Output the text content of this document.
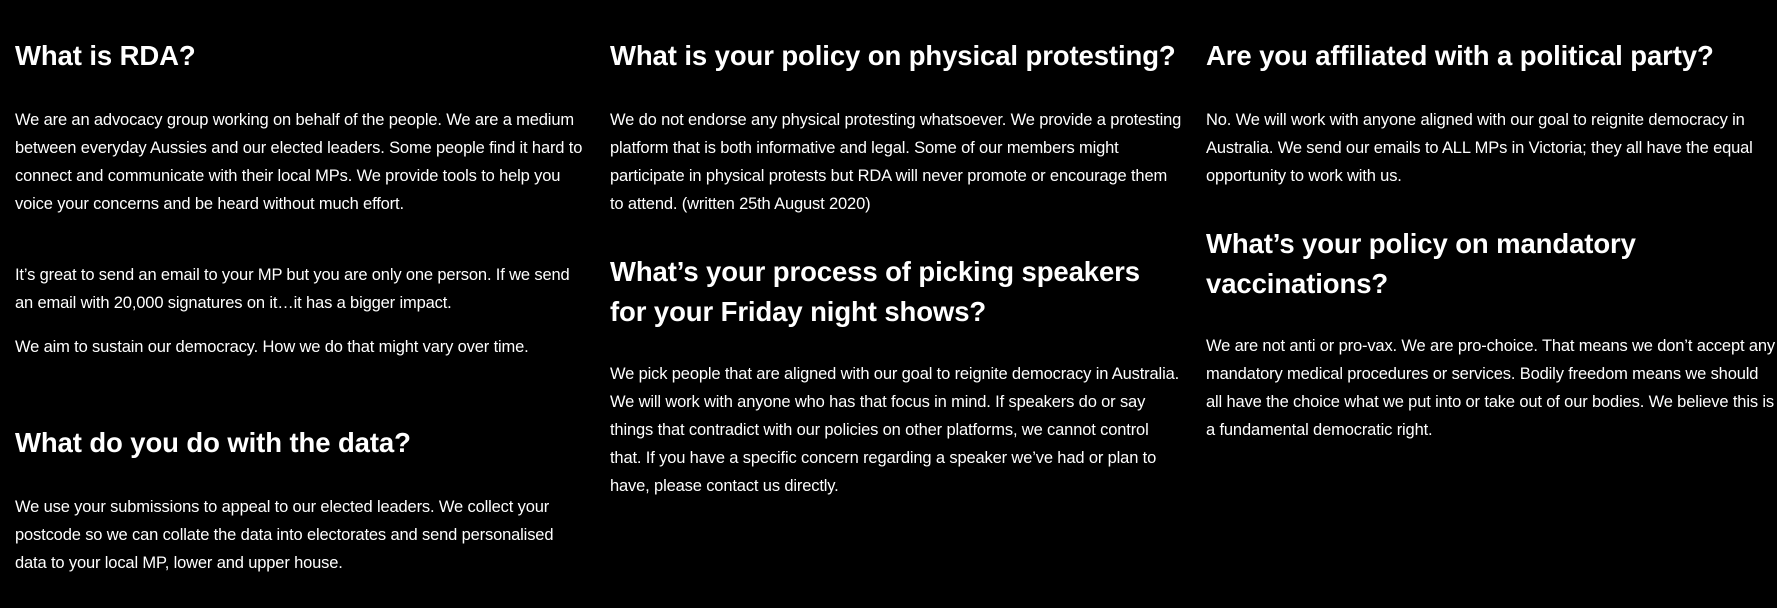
What is RDA?

We are an advocacy group working on behalf of the people. We are a medium between everyday Aussies and our elected leaders. Some people find it hard to connect and communicate with their local MPs. We provide tools to help you voice your concerns and be heard without much effort.

It’s great to send an email to your MP but you are only one person. If we send an email with 20,000 signatures on it…it has a bigger impact.

We aim to sustain our democracy. How we do that might vary over time.

What do you do with the data?

We use your submissions to appeal to our elected leaders. We collect your postcode so we can collate the data into electorates and send personalised data to your local MP, lower and upper house.

What is your policy on physical protesting?

We do not endorse any physical protesting whatsoever. We provide a protesting platform that is both informative and legal. Some of our members might participate in physical protests but RDA will never promote or encourage them to attend. (written 25th August 2020)

What’s your process of picking speakers for your Friday night shows?

We pick people that are aligned with our goal to reignite democracy in Australia. We will work with anyone who has that focus in mind. If speakers do or say things that contradict with our policies on other platforms, we cannot control that. If you have a specific concern regarding a speaker we’ve had or plan to have, please contact us directly.

Are you affiliated with a political party?

No. We will work with anyone aligned with our goal to reignite democracy in Australia. We send our emails to ALL MPs in Victoria; they all have the equal opportunity to work with us.

What’s your policy on mandatory vaccinations?

We are not anti or pro-vax. We are pro-choice. That means we don’t accept any mandatory medical procedures or services. Bodily freedom means we should all have the choice what we put into or take out of our bodies. We believe this is a fundamental democratic right.
